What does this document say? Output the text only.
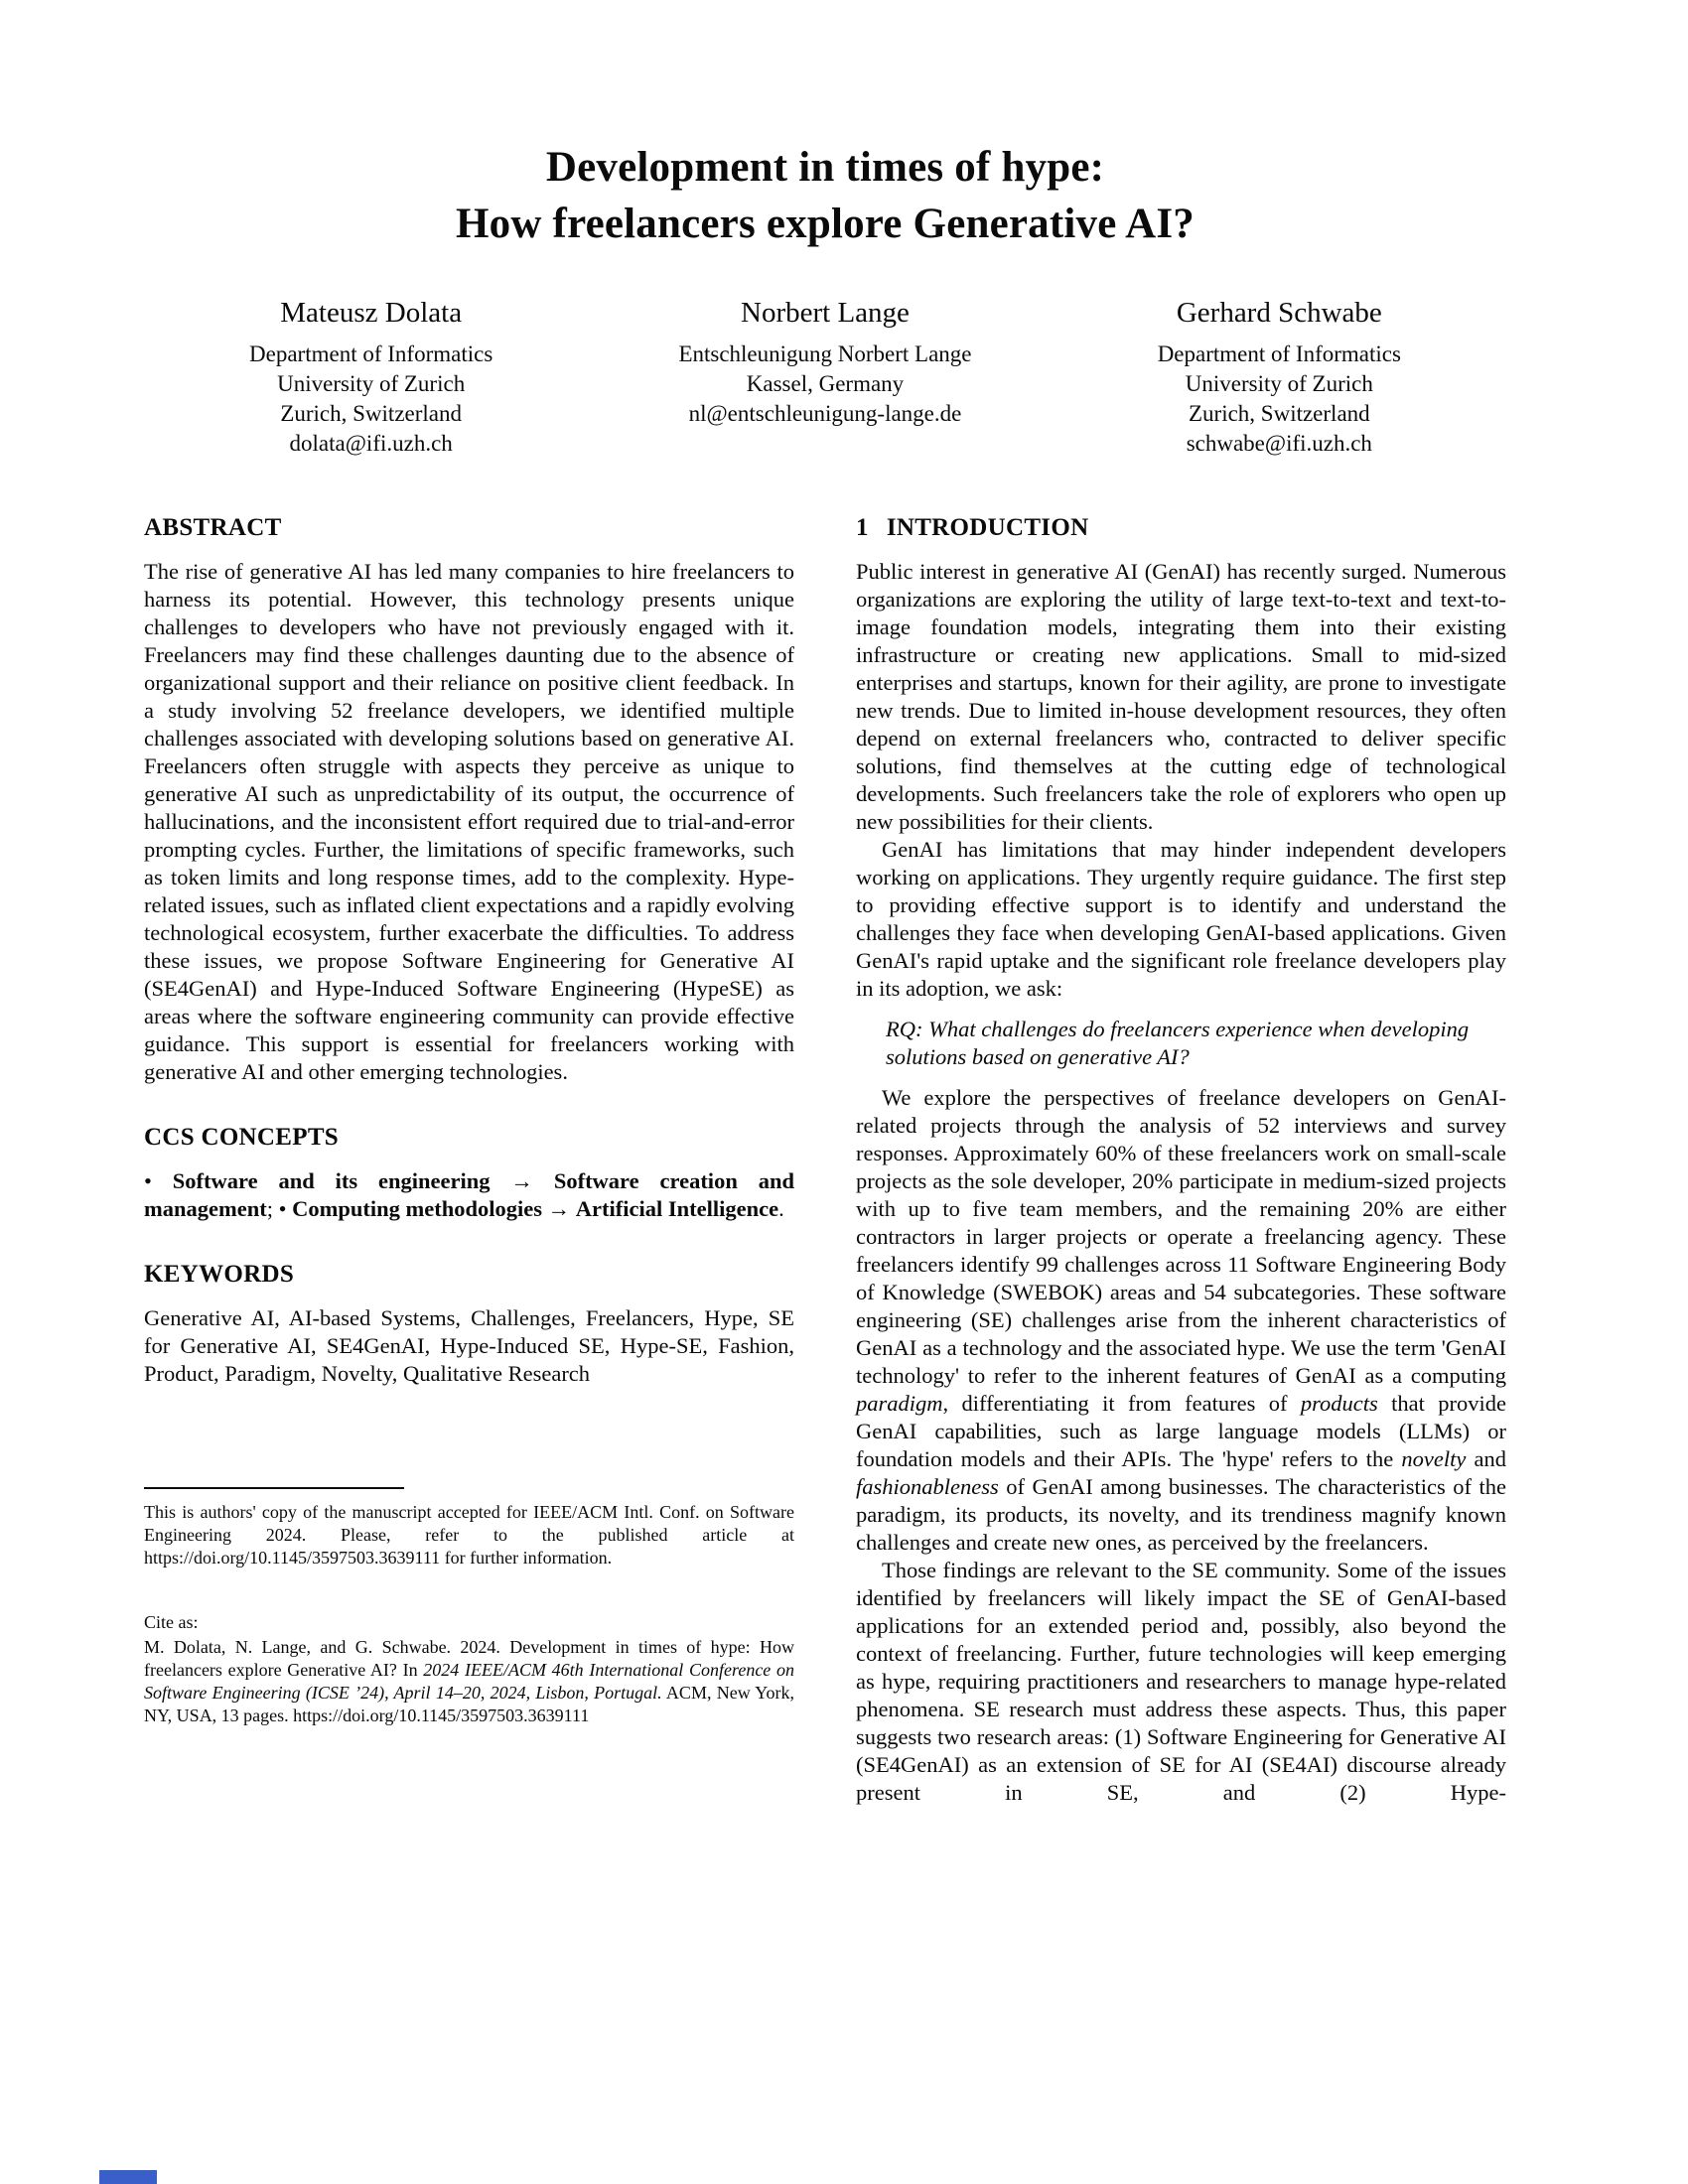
Development in times of hype:
How freelancers explore Generative AI?
Mateusz Dolata
Department of Informatics
University of Zurich
Zurich, Switzerland
dolata@ifi.uzh.ch
Norbert Lange
Entschleunigung Norbert Lange
Kassel, Germany
nl@entschleunigung-lange.de
Gerhard Schwabe
Department of Informatics
University of Zurich
Zurich, Switzerland
schwabe@ifi.uzh.ch
ABSTRACT

The rise of generative AI has led many companies to hire freelancers to harness its potential. However, this technology presents unique challenges to developers who have not previously engaged with it. Freelancers may find these challenges daunting due to the absence of organizational support and their reliance on positive client feedback. In a study involving 52 freelance developers, we identified multiple challenges associated with developing solutions based on generative AI. Freelancers often struggle with aspects they perceive as unique to generative AI such as unpredictability of its output, the occurrence of hallucinations, and the inconsistent effort required due to trial-and-error prompting cycles. Further, the limitations of specific frameworks, such as token limits and long response times, add to the complexity. Hype-related issues, such as inflated client expectations and a rapidly evolving technological ecosystem, further exacerbate the difficulties. To address these issues, we propose Software Engineering for Generative AI (SE4GenAI) and Hype-Induced Software Engineering (HypeSE) as areas where the software engineering community can provide effective guidance. This support is essential for freelancers working with generative AI and other emerging technologies.

CCS CONCEPTS

• Software and its engineering → Software creation and management; • Computing methodologies → Artificial Intelligence.

KEYWORDS

Generative AI, AI-based Systems, Challenges, Freelancers, Hype, SE for Generative AI, SE4GenAI, Hype-Induced SE, Hype-SE, Fashion, Product, Paradigm, Novelty, Qualitative Research

1 INTRODUCTION

Public interest in generative AI (GenAI) has recently surged. Numerous organizations are exploring the utility of large text-to-text and text-to-image foundation models, integrating them into their existing infrastructure or creating new applications. Small to mid-sized enterprises and startups, known for their agility, are prone to investigate new trends. Due to limited in-house development resources, they often depend on external freelancers who, contracted to deliver specific solutions, find themselves at the cutting edge of technological developments. Such freelancers take the role of explorers who open up new possibilities for their clients.

GenAI has limitations that may hinder independent developers working on applications. They urgently require guidance. The first step to providing effective support is to identify and understand the challenges they face when developing GenAI-based applications. Given GenAI's rapid uptake and the significant role freelance developers play in its adoption, we ask:

RQ: What challenges do freelancers experience when developing solutions based on generative AI?

We explore the perspectives of freelance developers on GenAI-related projects through the analysis of 52 interviews and survey responses. Approximately 60% of these freelancers work on small-scale projects as the sole developer, 20% participate in medium-sized projects with up to five team members, and the remaining 20% are either contractors in larger projects or operate a freelancing agency. These freelancers identify 99 challenges across 11 Software Engineering Body of Knowledge (SWEBOK) areas and 54 subcategories. These software engineering (SE) challenges arise from the inherent characteristics of GenAI as a technology and the associated hype. We use the term 'GenAI technology' to refer to the inherent features of GenAI as a computing paradigm, differentiating it from features of products that provide GenAI capabilities, such as large language models (LLMs) or foundation models and their APIs. The 'hype' refers to the novelty and fashionableness of GenAI among businesses. The characteristics of the paradigm, its products, its novelty, and its trendiness magnify known challenges and create new ones, as perceived by the freelancers.

Those findings are relevant to the SE community. Some of the issues identified by freelancers will likely impact the SE of GenAI-based applications for an extended period and, possibly, also beyond the context of freelancing. Further, future technologies will keep emerging as hype, requiring practitioners and researchers to manage hype-related phenomena. SE research must address these aspects. Thus, this paper suggests two research areas: (1) Software Engineering for Generative AI (SE4GenAI) as an extension of SE for AI (SE4AI) discourse already present in SE, and (2) Hype-

This is authors' copy of the manuscript accepted for IEEE/ACM Intl. Conf. on Software Engineering 2024. Please, refer to the published article at https://doi.org/10.1145/3597503.3639111 for further information.

Cite as:

M. Dolata, N. Lange, and G. Schwabe. 2024. Development in times of hype: How freelancers explore Generative AI? In 2024 IEEE/ACM 46th International Conference on Software Engineering (ICSE ’24), April 14–20, 2024, Lisbon, Portugal. ACM, New York, NY, USA, 13 pages. https://doi.org/10.1145/3597503.3639111
